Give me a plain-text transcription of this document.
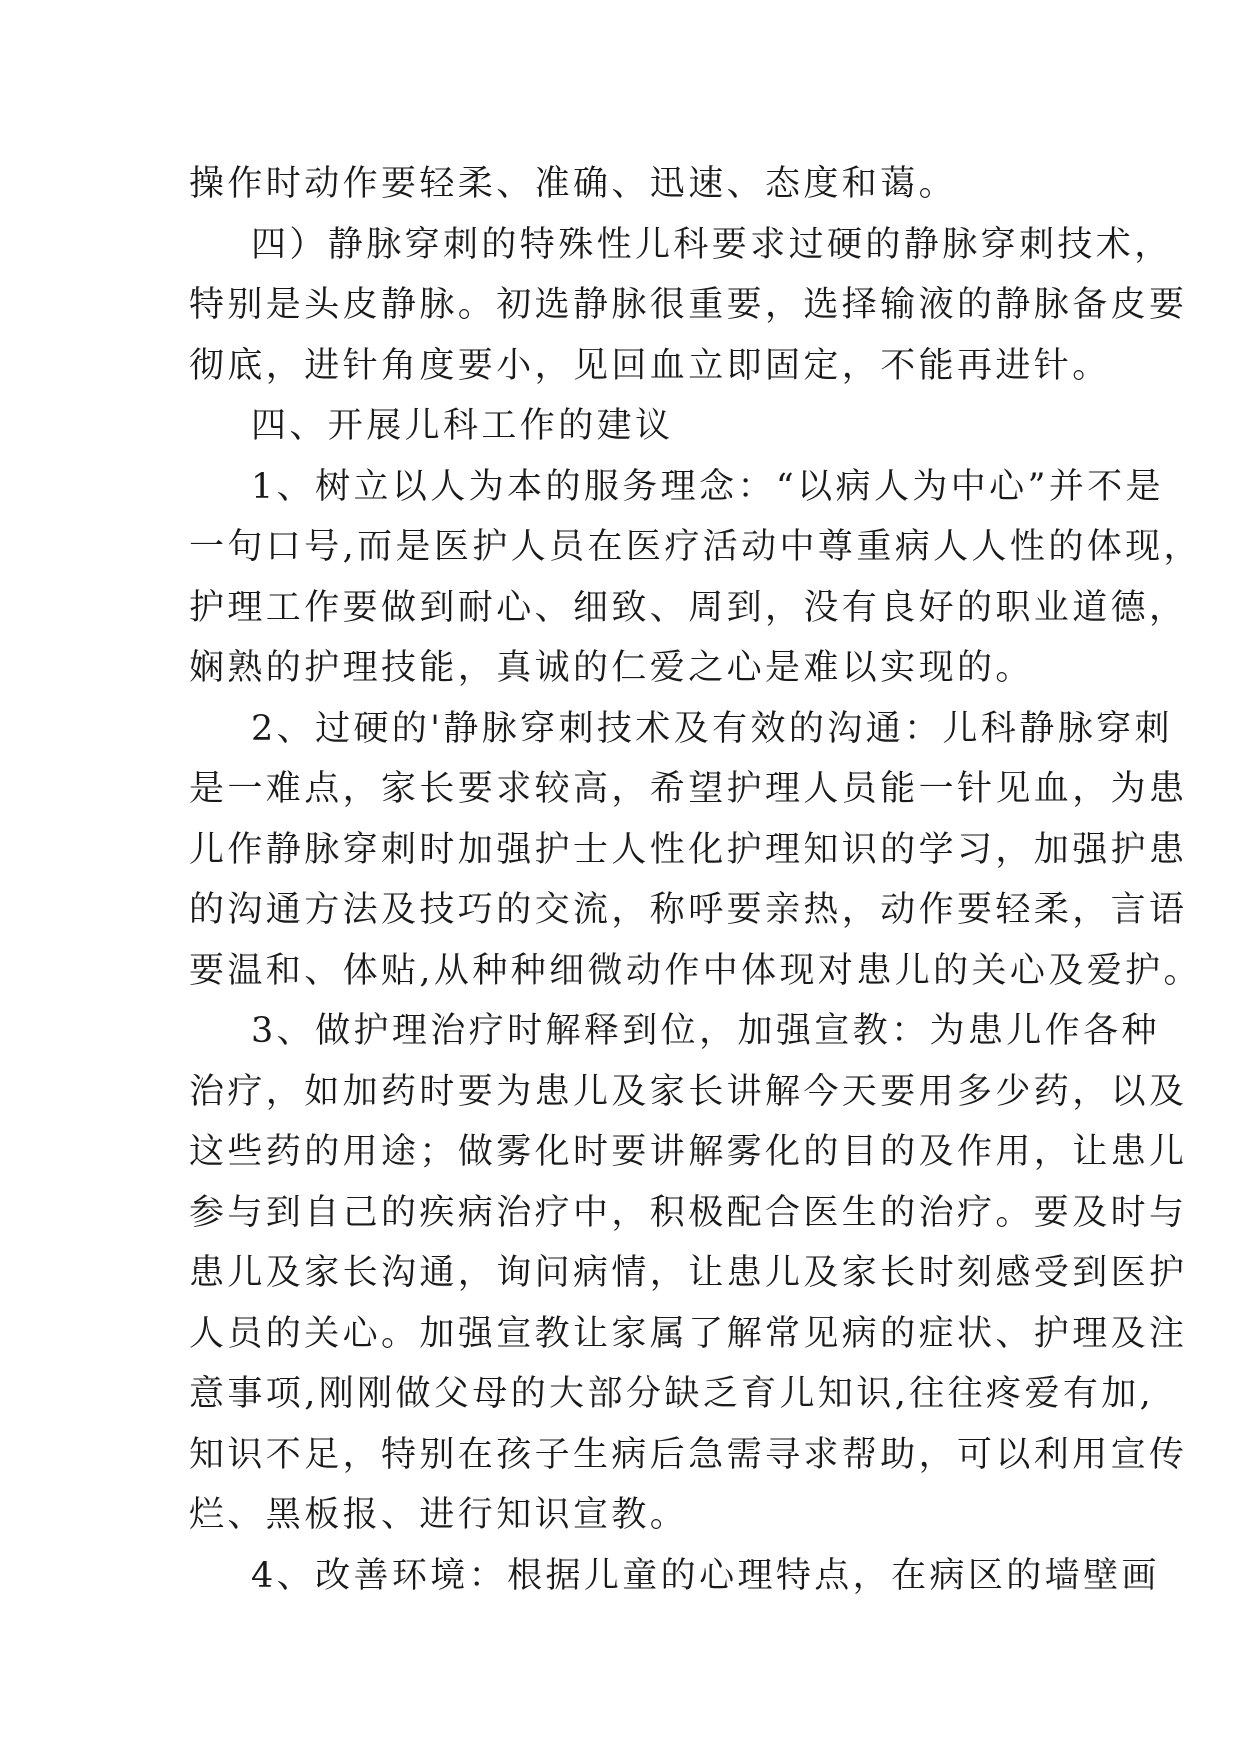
操作时动作要轻柔、准确、迅速、态度和蔼。
四）静脉穿刺的特殊性儿科要求过硬的静脉穿刺技术，
特别是头皮静脉。初选静脉很重要，选择输液的静脉备皮要
彻底，进针角度要小，见回血立即固定，不能再进针。
四、开展儿科工作的建议
1、树立以人为本的服务理念：“以病人为中心”并不是
一句口号,而是医护人员在医疗活动中尊重病人人性的体现，
护理工作要做到耐心、细致、周到，没有良好的职业道德，
娴熟的护理技能，真诚的仁爱之心是难以实现的。
2、过硬的'静脉穿刺技术及有效的沟通：儿科静脉穿刺
是一难点，家长要求较高，希望护理人员能一针见血，为患
儿作静脉穿刺时加强护士人性化护理知识的学习，加强护患
的沟通方法及技巧的交流，称呼要亲热，动作要轻柔，言语
要温和、体贴,从种种细微动作中体现对患儿的关心及爱护。
3、做护理治疗时解释到位，加强宣教：为患儿作各种
治疗，如加药时要为患儿及家长讲解今天要用多少药，以及
这些药的用途；做雾化时要讲解雾化的目的及作用，让患儿
参与到自己的疾病治疗中，积极配合医生的治疗。要及时与
患儿及家长沟通，询问病情，让患儿及家长时刻感受到医护
人员的关心。加强宣教让家属了解常见病的症状、护理及注
意事项,刚刚做父母的大部分缺乏育儿知识,往往疼爱有加,
知识不足，特别在孩子生病后急需寻求帮助，可以利用宣传
烂、黑板报、进行知识宣教。
4、改善环境：根据儿童的心理特点，在病区的墙壁画
